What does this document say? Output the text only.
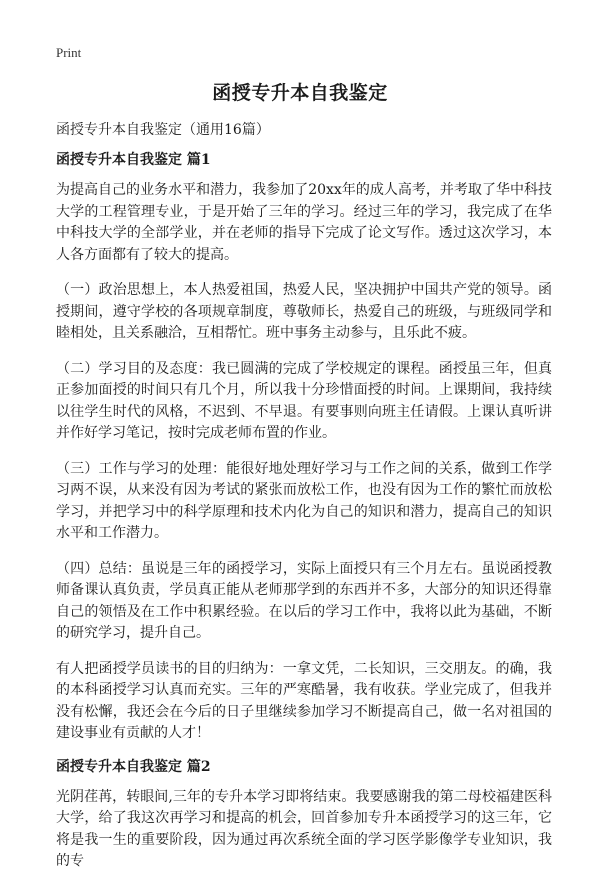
Print
函授专升本自我鉴定
函授专升本自我鉴定（通用16篇）
函授专升本自我鉴定 篇1

为提高自己的业务水平和潜力，我参加了20xx年的成人高考，并考取了华中科技大学的工程管理专业，于是开始了三年的学习。经过三年的学习，我完成了在华中科技大学的全部学业，并在老师的指导下完成了论文写作。透过这次学习，本人各方面都有了较大的提高。

（一）政治思想上，本人热爱祖国，热爱人民，坚决拥护中国共产党的领导。函授期间，遵守学校的各项规章制度，尊敬师长，热爱自己的班级，与班级同学和睦相处，且关系融洽，互相帮忙。班中事务主动参与，且乐此不疲。

（二）学习目的及态度：我已圆满的完成了学校规定的课程。函授虽三年，但真正参加面授的时间只有几个月，所以我十分珍惜面授的时间。上课期间，我持续以往学生时代的风格，不迟到、不早退。有要事则向班主任请假。上课认真听讲并作好学习笔记，按时完成老师布置的作业。

（三）工作与学习的处理：能很好地处理好学习与工作之间的关系，做到工作学习两不误，从来没有因为考试的紧张而放松工作，也没有因为工作的繁忙而放松学习，并把学习中的科学原理和技术内化为自己的知识和潜力，提高自己的知识水平和工作潜力。

（四）总结：虽说是三年的函授学习，实际上面授只有三个月左右。虽说函授教师备课认真负责，学员真正能从老师那学到的东西并不多，大部分的知识还得靠自己的领悟及在工作中积累经验。在以后的学习工作中，我将以此为基础，不断的研究学习，提升自己。

有人把函授学员读书的目的归纳为：一拿文凭，二长知识，三交朋友。的确，我的本科函授学习认真而充实。三年的严寒酷暑，我有收获。学业完成了，但我并没有松懈，我还会在今后的日子里继续参加学习不断提高自己，做一名对祖国的建设事业有贡献的人才！

函授专升本自我鉴定 篇2

光阴荏苒，转眼间,三年的专升本学习即将结束。我要感谢我的第二母校福建医科大学，给了我这次再学习和提高的机会，回首参加专升本函授学习的这三年，它将是我一生的重要阶段，因为通过再次系统全面的学习医学影像学专业知识，我的专
